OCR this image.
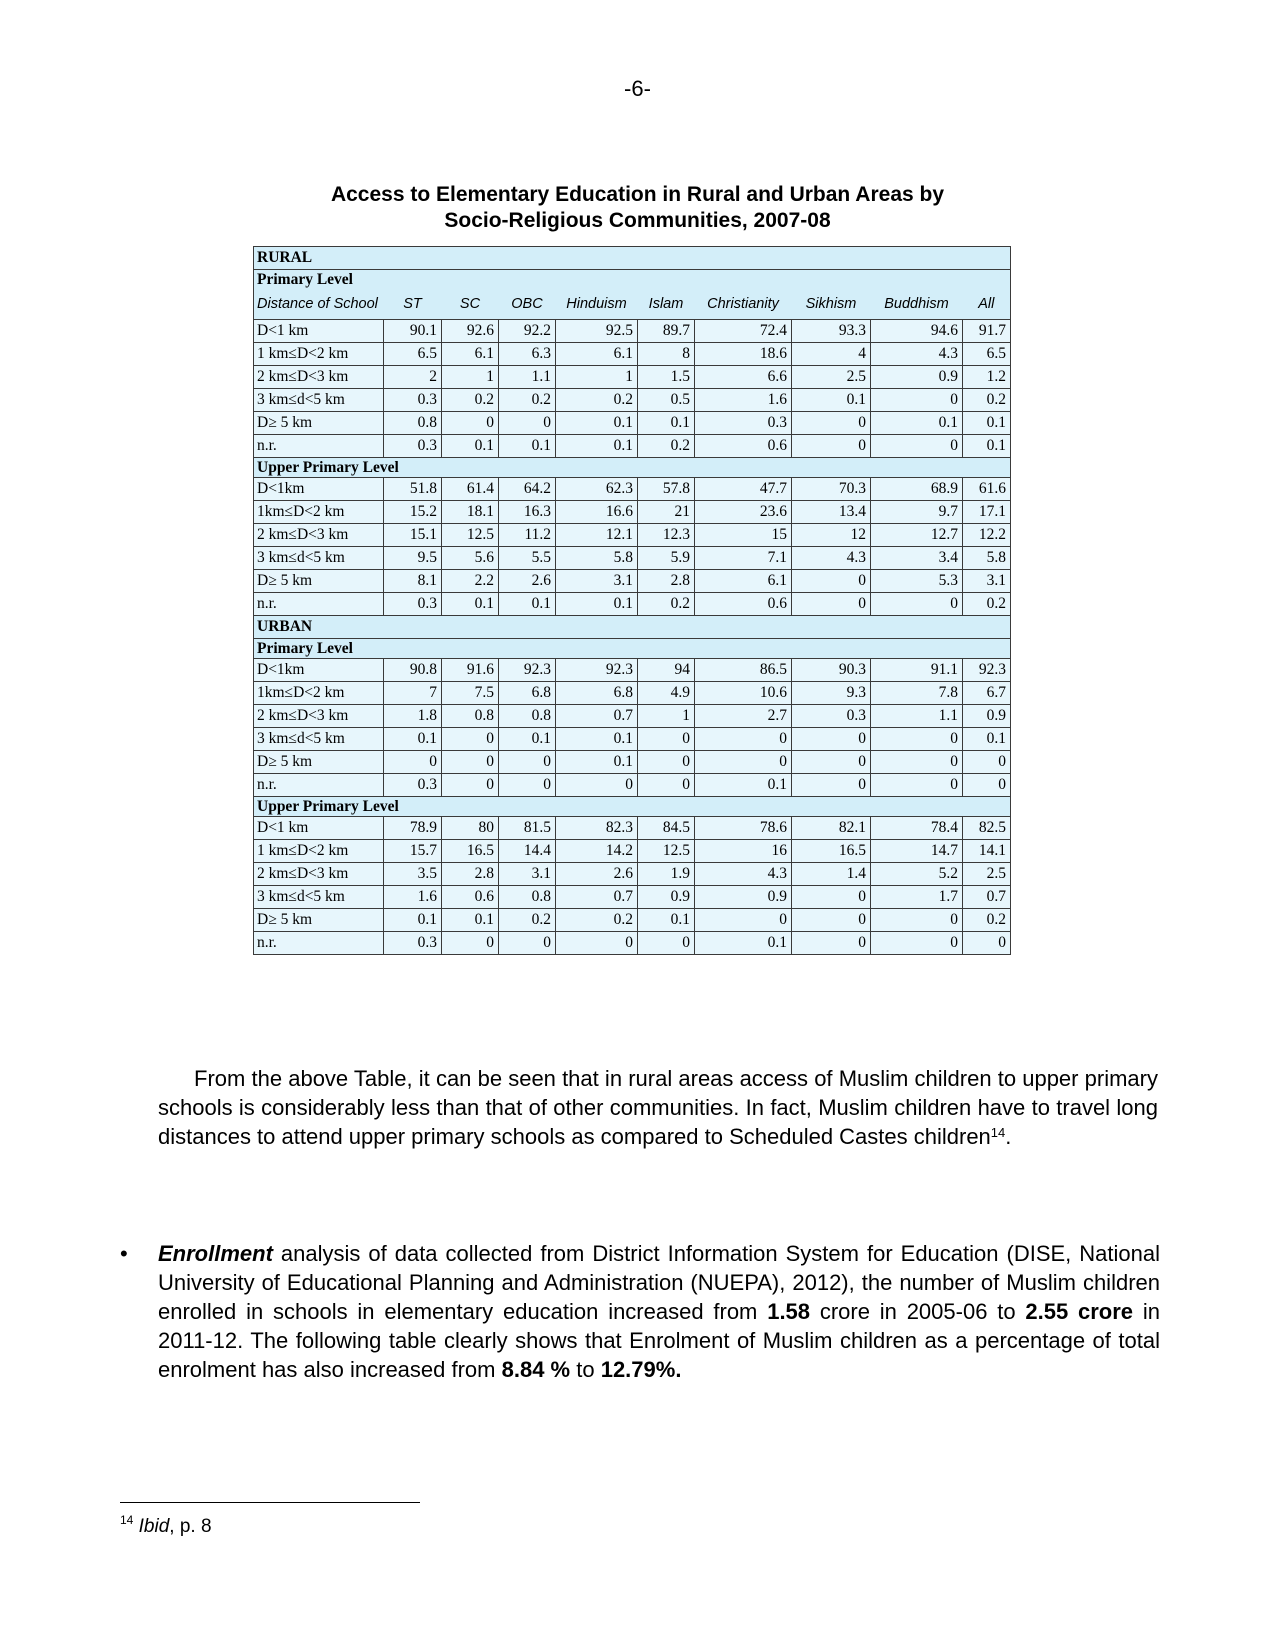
-6-
Access to Elementary Education in Rural and Urban Areas by
Socio-Religious Communities, 2007-08
RURAL									
Primary Level									
Distance of School	ST	SC	OBC	Hinduism	Islam	Christianity	Sikhism	Buddhism	All
D<1 km	90.1	92.6	92.2	92.5	89.7	72.4	93.3	94.6	91.7
1 km≤D<2 km	6.5	6.1	6.3	6.1	8	18.6	4	4.3	6.5
2 km≤D<3 km	2	1	1.1	1	1.5	6.6	2.5	0.9	1.2
3 km≤d<5 km	0.3	0.2	0.2	0.2	0.5	1.6	0.1	0	0.2
D≥ 5 km	0.8	0	0	0.1	0.1	0.3	0	0.1	0.1
n.r.	0.3	0.1	0.1	0.1	0.2	0.6	0	0	0.1
Upper Primary Level									
D<1km	51.8	61.4	64.2	62.3	57.8	47.7	70.3	68.9	61.6
1km≤D<2 km	15.2	18.1	16.3	16.6	21	23.6	13.4	9.7	17.1
2 km≤D<3 km	15.1	12.5	11.2	12.1	12.3	15	12	12.7	12.2
3 km≤d<5 km	9.5	5.6	5.5	5.8	5.9	7.1	4.3	3.4	5.8
D≥ 5 km	8.1	2.2	2.6	3.1	2.8	6.1	0	5.3	3.1
n.r.	0.3	0.1	0.1	0.1	0.2	0.6	0	0	0.2
URBAN									
Primary Level									
D<1km	90.8	91.6	92.3	92.3	94	86.5	90.3	91.1	92.3
1km≤D<2 km	7	7.5	6.8	6.8	4.9	10.6	9.3	7.8	6.7
2 km≤D<3 km	1.8	0.8	0.8	0.7	1	2.7	0.3	1.1	0.9
3 km≤d<5 km	0.1	0	0.1	0.1	0	0	0	0	0.1
D≥ 5 km	0	0	0	0.1	0	0	0	0	0
n.r.	0.3	0	0	0	0	0.1	0	0	0
Upper Primary Level									
D<1 km	78.9	80	81.5	82.3	84.5	78.6	82.1	78.4	82.5
1 km≤D<2 km	15.7	16.5	14.4	14.2	12.5	16	16.5	14.7	14.1
2 km≤D<3 km	3.5	2.8	3.1	2.6	1.9	4.3	1.4	5.2	2.5
3 km≤d<5 km	1.6	0.6	0.8	0.7	0.9	0.9	0	1.7	0.7
D≥ 5 km	0.1	0.1	0.2	0.2	0.1	0	0	0	0.2
n.r.	0.3	0	0	0	0	0.1	0	0	0
From the above Table, it can be seen that in rural areas access of Muslim children to upper primary schools is considerably less than that of other communities. In fact, Muslim children have to travel long distances to attend upper primary schools as compared to Scheduled Castes children$^{14}$.
• Enrollment analysis of data collected from District Information System for Education (DISE, National University of Educational Planning and Administration (NUEPA), 2012), the number of Muslim children enrolled in schools in elementary education increased from 1.58 crore in 2005-06 to 2.55 crore in 2011-12. The following table clearly shows that Enrolment of Muslim children as a percentage of total enrolment has also increased from 8.84 % to 12.79%.
$^{14}$ Ibid, p. 8
